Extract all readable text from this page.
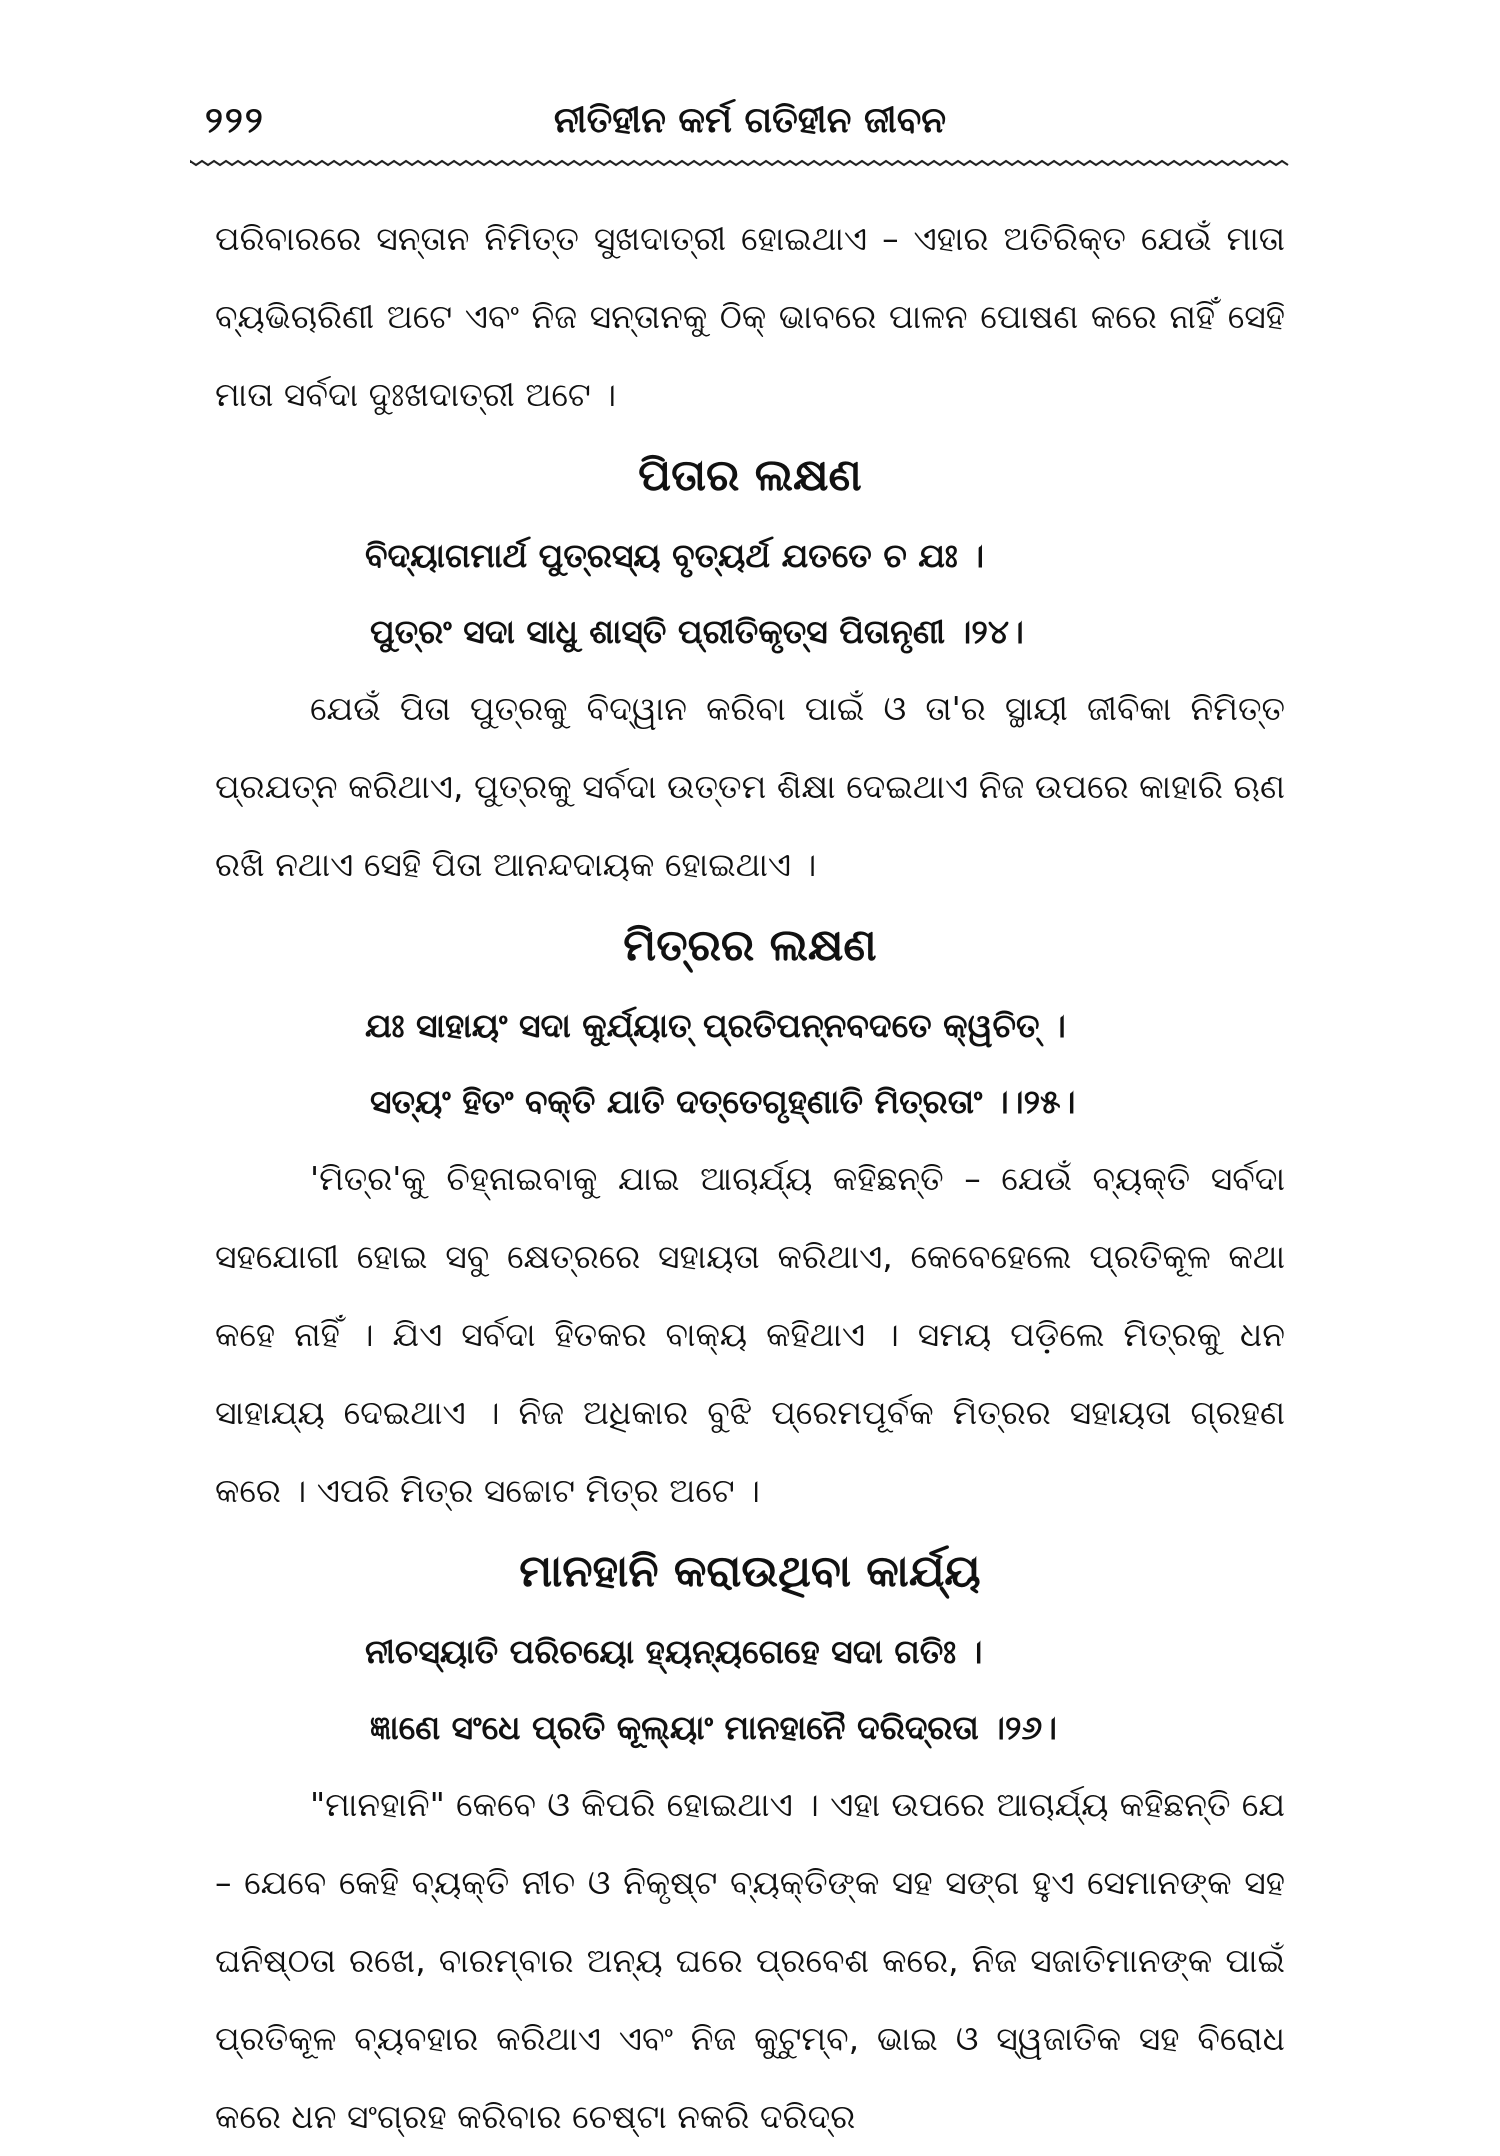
୨୨୨	ନୀତିହୀନ କର୍ମ ଗତିହୀନ ଜୀବନ

ପରିବାରରେ ସନ୍ତାନ ନିମିତ୍ତ ସୁଖଦାତ୍ରୀ ହୋଇଥାଏ – ଏହାର ଅତିରିକ୍ତ ଯେଉଁ ମାତା ବ୍ୟଭିଚାରିଣୀ ଅଟେ ଏବଂ ନିଜ ସନ୍ତାନକୁ ଠିକ୍ ଭାବରେ ପାଳନ ପୋଷଣ କରେ ନାହିଁ ସେହି ମାତା ସର୍ବଦା ଦୁଃଖଦାତ୍ରୀ ଅଟେ ।

ପିତାର ଲକ୍ଷଣ

ବିଦ୍ୟାଗମାର୍ଥ ପୁତ୍ରସ୍ୟ ବୃତ୍ୟର୍ଥ ଯତତେ ଚ ଯଃ ।

ପୁତ୍ରଂ ସଦା ସାଧୁ ଶାସ୍ତି ପ୍ରୀତିକୃତ୍ସ ପିତାନୃଣୀ ।୨୪।

ଯେଉଁ ପିତା ପୁତ୍ରକୁ ବିଦ୍ୱାନ କରିବା ପାଇଁ ଓ ତା'ର ସ୍ଥାୟୀ ଜୀବିକା ନିମିତ୍ତ ପ୍ରଯତ୍ନ କରିଥାଏ, ପୁତ୍ରକୁ ସର୍ବଦା ଉତ୍ତମ ଶିକ୍ଷା ଦେଇଥାଏ ନିଜ ଉପରେ କାହାରି ଋଣ ରଖି ନଥାଏ ସେହି ପିତା ଆନନ୍ଦଦାୟକ ହୋଇଥାଏ ।

ମିତ୍ରର ଲକ୍ଷଣ

ଯଃ ସାହାୟଂ ସଦା କୁର୍ଯ୍ୟାତ୍ ପ୍ରତିପନ୍ନବଦତେ କ୍ୱଚିତ୍ ।

ସତ୍ୟଂ ହିତଂ ବକ୍ତି ଯାତି ଦତ୍ତେଗୃହ୍ଣାତି ମିତ୍ରତାଂ ।।୨୫।

'ମିତ୍ର'କୁ ଚିହ୍ନାଇବାକୁ ଯାଇ ଆଚାର୍ଯ୍ୟ କହିଛନ୍ତି – ଯେଉଁ ବ୍ୟକ୍ତି ସର୍ବଦା ସହଯୋଗୀ ହୋଇ ସବୁ କ୍ଷେତ୍ରରେ ସହାୟତା କରିଥାଏ, କେବେହେଲେ ପ୍ରତିକୂଳ କଥା କହେ ନାହିଁ । ଯିଏ ସର୍ବଦା ହିତକର ବାକ୍ୟ କହିଥାଏ । ସମୟ ପଡ଼ିଲେ ମିତ୍ରକୁ ଧନ ସାହାଯ୍ୟ ଦେଇଥାଏ । ନିଜ ଅଧିକାର ବୁଝି ପ୍ରେମପୂର୍ବକ ମିତ୍ରର ସହାୟତା ଗ୍ରହଣ କରେ । ଏପରି ମିତ୍ର ସଚ୍ଚୋଟ ମିତ୍ର ଅଟେ ।

ମାନହାନି କରାଉଥିବା କାର୍ଯ୍ୟ

ନୀଚସ୍ୟାତି ପରିଚୟୋ ହ୍ୟନ୍ୟଗେହେ ସଦା ଗତିଃ ।

ଜ୍ଞାଣେ ସଂଧେ ପ୍ରତି କୂଲ୍ୟାଂ ମାନହାନୈ ଦରିଦ୍ରତା ।୨୬।

"ମାନହାନି" କେବେ ଓ କିପରି ହୋଇଥାଏ । ଏହା ଉପରେ ଆଚାର୍ଯ୍ୟ କହିଛନ୍ତି ଯେ – ଯେବେ କେହି ବ୍ୟକ୍ତି ନୀଚ ଓ ନିକୃଷ୍ଟ ବ୍ୟକ୍ତିଙ୍କ ସହ ସଙ୍ଗ ହୁଏ ସେମାନଙ୍କ ସହ ଘନିଷ୍ଠତା ରଖେ, ବାରମ୍ବାର ଅନ୍ୟ ଘରେ ପ୍ରବେଶ କରେ, ନିଜ ସଜାତିମାନଙ୍କ ପାଇଁ ପ୍ରତିକୂଳ ବ୍ୟବହାର କରିଥାଏ ଏବଂ ନିଜ କୁଟୁମ୍ବ, ଭାଇ ଓ ସ୍ୱଜାତିକ ସହ ବିରୋଧ କରେ ଧନ ସଂଗ୍ରହ କରିବାର ଚେଷ୍ଟା ନକରି ଦରିଦ୍ର
